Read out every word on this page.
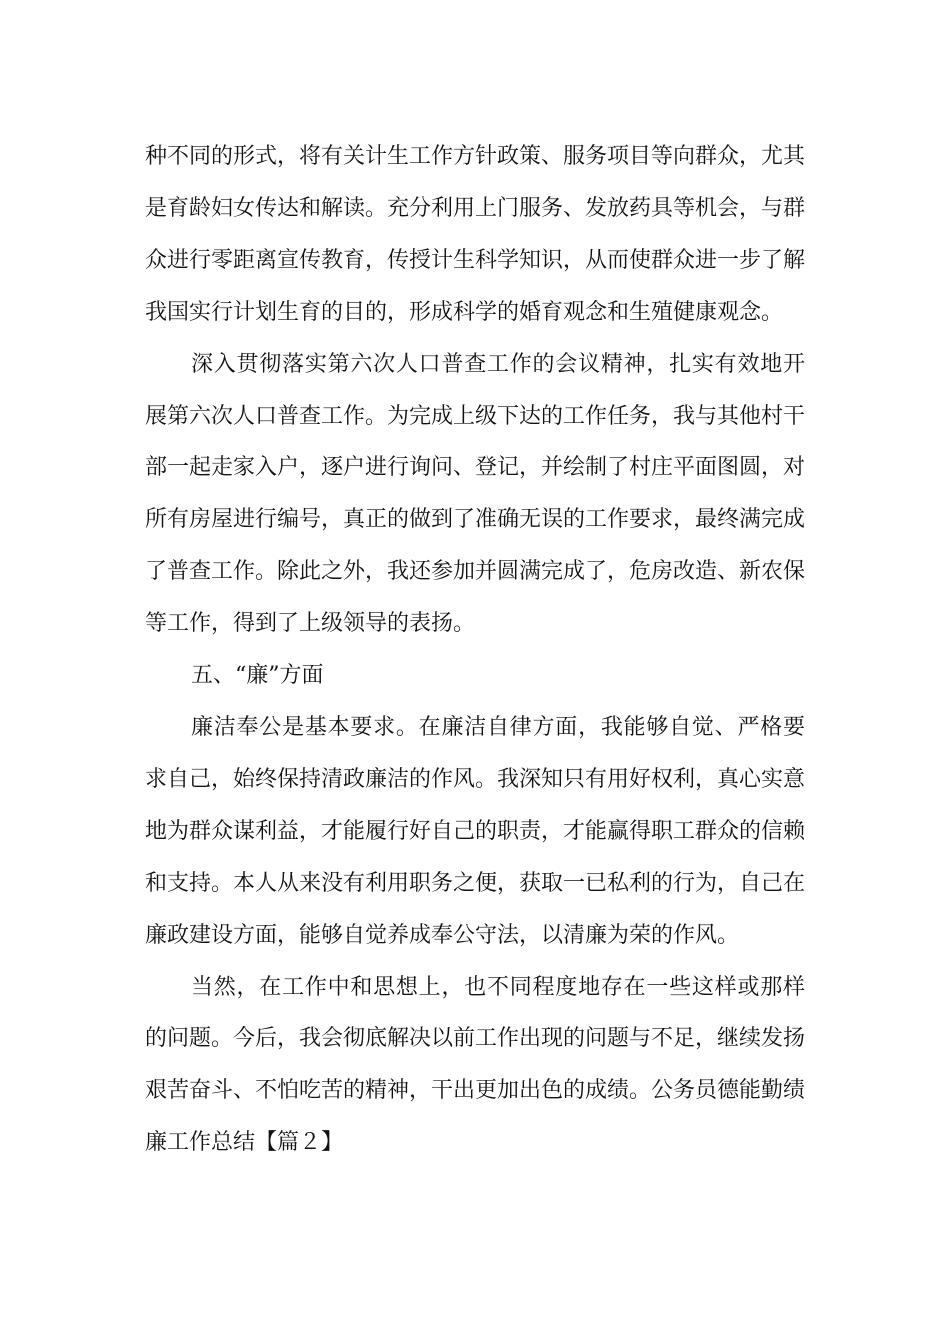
种不同的形式，将有关计生工作方针政策、服务项目等向群众，尤其是育龄妇女传达和解读。充分利用上门服务、发放药具等机会，与群众进行零距离宣传教育，传授计生科学知识，从而使群众进一步了解我国实行计划生育的目的，形成科学的婚育观念和生殖健康观念。

深入贯彻落实第六次人口普查工作的会议精神，扎实有效地开展第六次人口普查工作。为完成上级下达的工作任务，我与其他村干部一起走家入户，逐户进行询问、登记，并绘制了村庄平面图圆，对所有房屋进行编号，真正的做到了准确无误的工作要求，最终满完成了普查工作。除此之外，我还参加并圆满完成了，危房改造、新农保等工作，得到了上级领导的表扬。

五、“廉”方面

廉洁奉公是基本要求。在廉洁自律方面，我能够自觉、严格要求自己，始终保持清政廉洁的作风。我深知只有用好权利，真心实意地为群众谋利益，才能履行好自己的职责，才能赢得职工群众的信赖和支持。本人从来没有利用职务之便，获取一已私利的行为，自己在廉政建设方面，能够自觉养成奉公守法，以清廉为荣的作风。

当然，在工作中和思想上，也不同程度地存在一些这样或那样的问题。今后，我会彻底解决以前工作出现的问题与不足，继续发扬艰苦奋斗、不怕吃苦的精神，干出更加出色的成绩。公务员德能勤绩廉工作总结【篇２】
